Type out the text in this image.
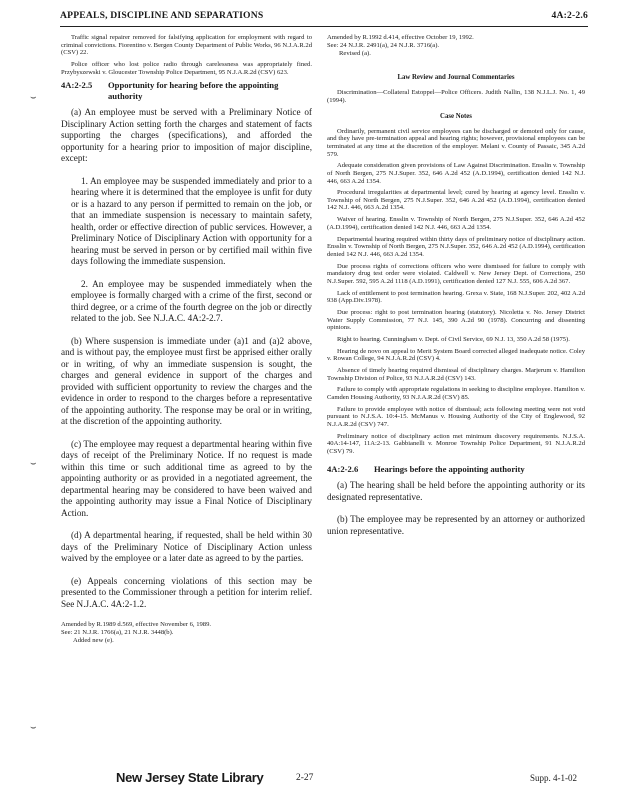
APPEALS, DISCIPLINE AND SEPARATIONS	4A:2-2.6

Traffic signal repairer removed for falsifying application for employment with regard to criminal convictions. Fiorentino v. Bergen County Department of Public Works, 96 N.J.A.R.2d (CSV) 22.

Police officer who lost police radio through carelessness was appropriately fined. Przybyszewski v. Gloucester Township Police Department, 95 N.J.A.R.2d (CSV) 623.

4A:2-2.5 Opportunity for hearing before the appointing
authority

(a) An employee must be served with a Preliminary Notice of Disciplinary Action setting forth the charges and statement of facts supporting the charges (specifications), and afforded the opportunity for a hearing prior to imposition of major discipline, except:

1. An employee may be suspended immediately and prior to a hearing where it is determined that the employee is unfit for duty or is a hazard to any person if permitted to remain on the job, or that an immediate suspension is necessary to maintain safety, health, order or effective direction of public services. However, a Preliminary Notice of Disciplinary Action with opportunity for a hearing must be served in person or by certified mail within five days following the immediate suspension.

2. An employee may be suspended immediately when the employee is formally charged with a crime of the first, second or third degree, or a crime of the fourth degree on the job or directly related to the job. See N.J.A.C. 4A:2-2.7.

(b) Where suspension is immediate under (a)1 and (a)2 above, and is without pay, the employee must first be apprised either orally or in writing, of why an immediate suspension is sought, the charges and general evidence in support of the charges and provided with sufficient opportunity to review the charges and the evidence in order to respond to the charges before a representative of the appointing authority. The response may be oral or in writing, at the discretion of the appointing authority.

(c) The employee may request a departmental hearing within five days of receipt of the Preliminary Notice. If no request is made within this time or such additional time as agreed to by the appointing authority or as provided in a negotiated agreement, the departmental hearing may be considered to have been waived and the appointing authority may issue a Final Notice of Disciplinary Action.

(d) A departmental hearing, if requested, shall be held within 30 days of the Preliminary Notice of Disciplinary Action unless waived by the employee or a later date as agreed to by the parties.

(e) Appeals concerning violations of this section may be presented to the Commissioner through a petition for interim relief. See N.J.A.C. 4A:2-1.2.

Amended by R.1989 d.569, effective November 6, 1989.

See: 21 N.J.R. 1766(a), 21 N.J.R. 3448(b).

Added new (e).

Amended by R.1992 d.414, effective October 19, 1992.

See: 24 N.J.R. 2491(a), 24 N.J.R. 3716(a).

Revised (a).

Law Review and Journal Commentaries

Discrimination—Collateral Estoppel—Police Officers. Judith Nallin, 138 N.J.L.J. No. 1, 49 (1994).

Case Notes

Ordinarily, permanent civil service employees can be discharged or demoted only for cause, and they have pre-termination appeal and hearing rights; however, provisional employees can be terminated at any time at the discretion of the employer. Melani v. County of Passaic, 345 A.2d 579.

Adequate consideration given provisions of Law Against Discrimination. Ensslin v. Township of North Bergen, 275 N.J.Super. 352, 646 A.2d 452 (A.D.1994), certification denied 142 N.J. 446, 663 A.2d 1354.

Procedural irregularities at departmental level; cured by hearing at agency level. Ensslin v. Township of North Bergen, 275 N.J.Super. 352, 646 A.2d 452 (A.D.1994), certification denied 142 N.J. 446, 663 A.2d 1354.

Waiver of hearing. Ensslin v. Township of North Bergen, 275 N.J.Super. 352, 646 A.2d 452 (A.D.1994), certification denied 142 N.J. 446, 663 A.2d 1354.

Departmental hearing required within thirty days of preliminary notice of disciplinary action. Ensslin v. Township of North Bergen, 275 N.J.Super. 352, 646 A.2d 452 (A.D.1994), certification denied 142 N.J. 446, 663 A.2d 1354.

Due process rights of corrections officers who were dismissed for failure to comply with mandatory drug test order were violated. Caldwell v. New Jersey Dept. of Corrections, 250 N.J.Super. 592, 595 A.2d 1118 (A.D.1991), certification denied 127 N.J. 555, 606 A.2d 367.

Lack of entitlement to post termination hearing. Grexa v. State, 168 N.J.Super. 202, 402 A.2d 938 (App.Div.1978).

Due process: right to post termination hearing (statutory). Nicoletta v. No. Jersey District Water Supply Commission, 77 N.J. 145, 390 A.2d 90 (1978). Concurring and dissenting opinions.

Right to hearing. Cunningham v. Dept. of Civil Service, 69 N.J. 13, 350 A.2d 58 (1975).

Hearing de novo on appeal to Merit System Board corrected alleged inadequate notice. Coley v. Rowan College, 94 N.J.A.R.2d (CSV) 4.

Absence of timely hearing required dismissal of disciplinary charges. Marjerum v. Hamilton Township Division of Police, 93 N.J.A.R.2d (CSV) 143.

Failure to comply with appropriate regulations in seeking to discipline employee. Hamilton v. Camden Housing Authority, 93 N.J.A.R.2d (CSV) 85.

Failure to provide employee with notice of dismissal; acts following meeting were not void pursuant to N.J.S.A. 10:4-15. McManus v. Housing Authority of the City of Englewood, 92 N.J.A.R.2d (CSV) 747.

Preliminary notice of disciplinary action met minimum discovery requirements. N.J.S.A. 40A:14-147, 11A:2-13. Gabbianelli v. Monroe Township Police Department, 91 N.J.A.R.2d (CSV) 79.

4A:2-2.6 Hearings before the appointing authority

(a) The hearing shall be held before the appointing authority or its designated representative.

(b) The employee may be represented by an attorney or authorized union representative.

⌣
⌣
⌣
New Jersey State Library	2-27	Supp. 4-1-02
